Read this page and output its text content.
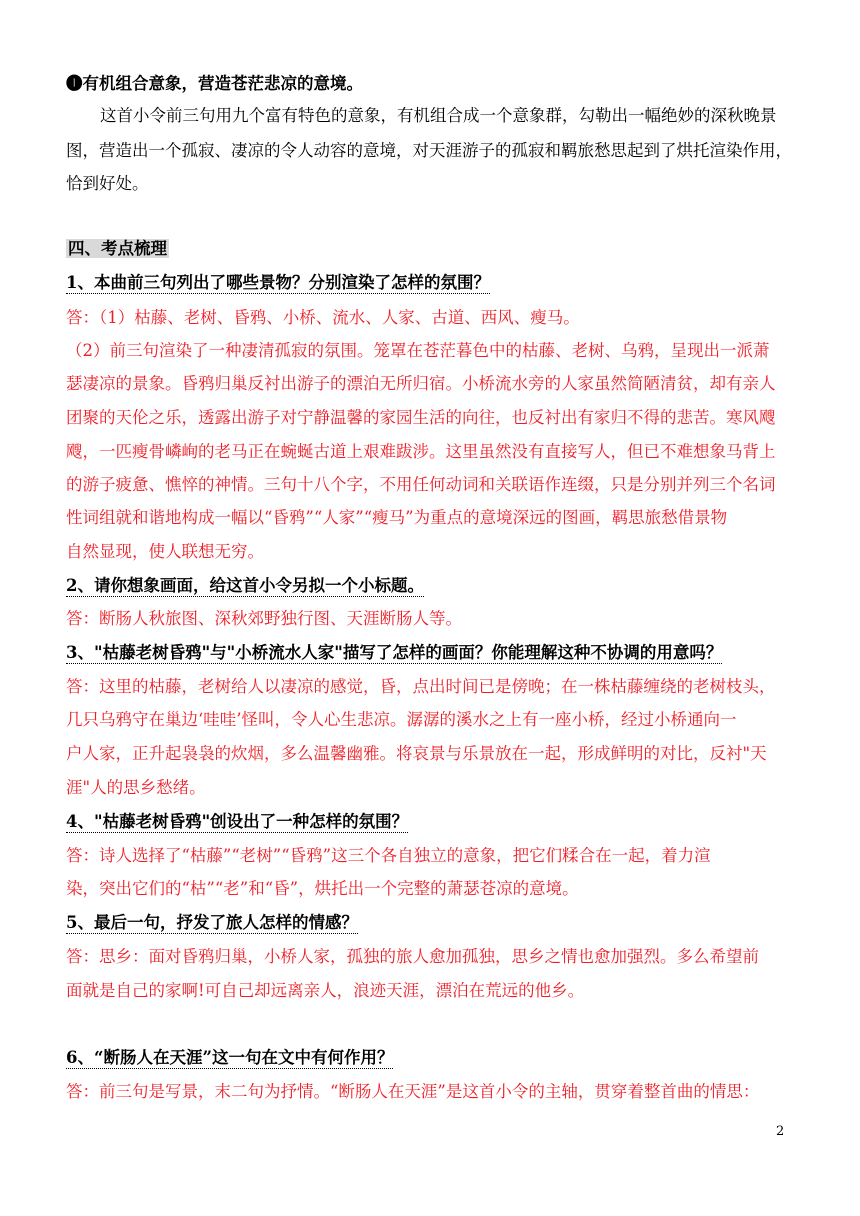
❶有机组合意象，营造苍茫悲凉的意境。
这首小令前三句用九个富有特色的意象，有机组合成一个意象群，勾勒出一幅绝妙的深秋晚景
图，营造出一个孤寂、凄凉的令人动容的意境，对天涯游子的孤寂和羁旅愁思起到了烘托渲染作用，
恰到好处。
四、考点梳理
1、本曲前三句列出了哪些景物？分别渲染了怎样的氛围？
答：（1）枯藤、老树、昏鸦、小桥、流水、人家、古道、西风、瘦马。
（2）前三句渲染了一种凄清孤寂的氛围。笼罩在苍茫暮色中的枯藤、老树、乌鸦，呈现出一派萧
瑟凄凉的景象。昏鸦归巢反衬出游子的漂泊无所归宿。小桥流水旁的人家虽然简陋清贫，却有亲人
团聚的天伦之乐，透露出游子对宁静温馨的家园生活的向往，也反衬出有家归不得的悲苦。寒风飕
飕，一匹瘦骨嶙峋的老马正在蜿蜒古道上艰难跋涉。这里虽然没有直接写人，但已不难想象马背上
的游子疲惫、憔悴的神情。三句十八个字，不用任何动词和关联语作连缀，只是分别并列三个名词
性词组就和谐地构成一幅以“昏鸦”“人家”“瘦马”为重点的意境深远的图画，羁思旅愁借景物
自然显现，使人联想无穷。
2、请你想象画面，给这首小令另拟一个小标题。
答：断肠人秋旅图、深秋郊野独行图、天涯断肠人等。
3、"枯藤老树昏鸦"与"小桥流水人家"描写了怎样的画面？你能理解这种不协调的用意吗？
答：这里的枯藤，老树给人以凄凉的感觉，昏，点出时间已是傍晚；在一株枯藤缠绕的老树枝头，
几只乌鸦守在巢边‘哇哇’怪叫，令人心生悲凉。潺潺的溪水之上有一座小桥，经过小桥通向一
户人家，正升起袅袅的炊烟，多么温馨幽雅。将哀景与乐景放在一起，形成鲜明的对比，反衬"天
涯"人的思乡愁绪。
4、"枯藤老树昏鸦"创设出了一种怎样的氛围？
答：诗人选择了“枯藤”“老树”“昏鸦”这三个各自独立的意象，把它们糅合在一起，着力渲
染，突出它们的“枯”“老”和“昏”，烘托出一个完整的萧瑟苍凉的意境。
5、最后一句，抒发了旅人怎样的情感？
答：思乡：面对昏鸦归巢，小桥人家，孤独的旅人愈加孤独，思乡之情也愈加强烈。多么希望前
面就是自己的家啊!可自己却远离亲人，浪迹天涯，漂泊在荒远的他乡。
6、“断肠人在天涯”这一句在文中有何作用？
答：前三句是写景，末二句为抒情。“断肠人在天涯”是这首小令的主轴，贯穿着整首曲的情思：
2
